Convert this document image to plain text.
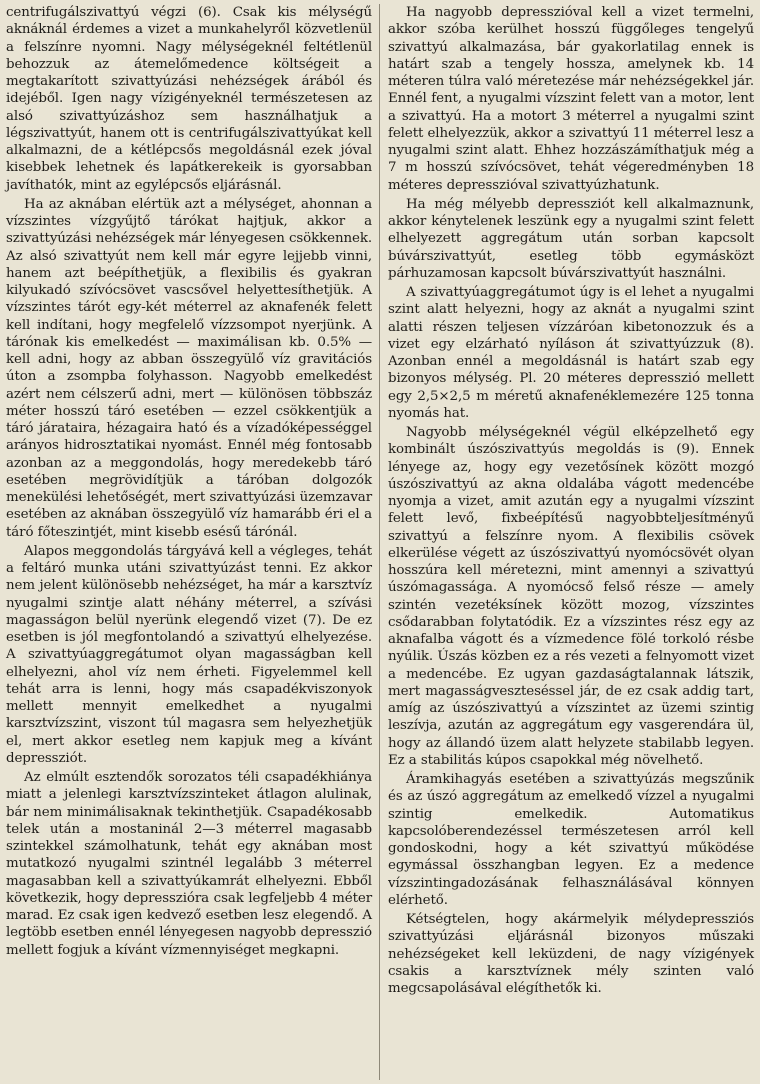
centrifugálszivattyú végzi (6). Csak kis mélységű aknáknál érdemes a vizet a munkahelyről közvetlenül a felszínre nyomni. Nagy mélységeknél feltétlenül behozzuk az átemelőmedence költségeit a megtakarított szivattyúzási nehézségek árából és idejéből. Igen nagy vízigényeknél természetesen az alsó szivattyúzáshoz sem használhatjuk a légszivattyút, hanem ott is centrifugálszivattyúkat kell alkalmazni, de a kétlépcsős megoldásnál ezek jóval kisebbek lehetnek és lapátkerekeik is gyorsabban javíthatók, mint az egylépcsős eljárásnál.

Ha az aknában elértük azt a mélységet, ahonnan a vízszintes vízgyűjtő tárókat hajtjuk, akkor a szivattyúzási nehézségek már lényegesen csökkennek. Az alsó szivattyút nem kell már egyre lejjebb vinni, hanem azt beépíthetjük, a flexibilis és gyakran kilyukadó szívócsövet vascsővel helyettesíthetjük. A vízszintes tárót egy-két méterrel az aknafenék felett kell indítani, hogy megfelelő vízzsompot nyerjünk. A tárónak kis emelkedést — maximálisan kb. 0.5% — kell adni, hogy az abban összegyülő víz gravitációs úton a zsompba folyhasson. Nagyobb emelkedést azért nem célszerű adni, mert — különösen többszáz méter hosszú táró esetében — ezzel csökkentjük a táró járataira, hézagaira ható és a vízadóképességgel arányos hidrosztatikai nyomást. Ennél még fontosabb azonban az a meggondolás, hogy meredekebb táró esetében megrövidítjük a táróban dolgozók menekülési lehetőségét, mert szivattyúzási üzemzavar esetében az aknában összegyülő víz hamarább éri el a táró főteszintjét, mint kisebb esésű tárónál.

Alapos meggondolás tárgyává kell a végleges, tehát a feltáró munka utáni szivattyúzást tenni. Ez akkor nem jelent különösebb nehézséget, ha már a karsztvíz nyugalmi szintje alatt néhány méterrel, a szívási magasságon belül nyerünk elegendő vizet (7). De ez esetben is jól megfontolandó a szivattyú elhelyezése. A szivattyúaggregátumot olyan magasságban kell elhelyezni, ahol víz nem érheti. Figyelemmel kell tehát arra is lenni, hogy más csapadékviszonyok mellett mennyit emelkedhet a nyugalmi karsztvízszint, viszont túl magasra sem helyezhetjük el, mert akkor esetleg nem kapjuk meg a kívánt depressziót.

Az elmúlt esztendők sorozatos téli csapadékhiánya miatt a jelenlegi karsztvízszinteket átlagon alulinak, bár nem minimálisaknak tekinthetjük. Csapadékosabb telek után a mostaninál 2—3 méterrel magasabb szintekkel számolhatunk, tehát egy aknában most mutatkozó nyugalmi szintnél legalább 3 méterrel magasabban kell a szivattyúkamrát elhelyezni. Ebből következik, hogy depresszióra csak legfeljebb 4 méter marad. Ez csak igen kedvező esetben lesz elegendő. A legtöbb esetben ennél lényegesen nagyobb depresszió mellett fogjuk a kívánt vízmennyiséget megkapni.

Ha nagyobb depresszióval kell a vizet termelni, akkor szóba kerülhet hosszú függőleges tengelyű szivattyú alkalmazása, bár gyakorlatilag ennek is határt szab a tengely hossza, amelynek kb. 14 méteren túlra való méretezése már nehézségekkel jár. Ennél fent, a nyugalmi vízszint felett van a motor, lent a szivattyú. Ha a motort 3 méterrel a nyugalmi szint felett elhelyezzük, akkor a szivattyú 11 méterrel lesz a nyugalmi szint alatt. Ehhez hozzászámíthatjuk még a 7 m hosszú szívócsövet, tehát végeredményben 18 méteres depresszióval szivattyúzhatunk.

Ha még mélyebb depressziót kell alkalmaznunk, akkor kénytelenek leszünk egy a nyugalmi szint felett elhelyezett aggregátum után sorban kapcsolt búvárszivattyút, esetleg több egymásközt párhuzamosan kapcsolt búvárszivattyút használni.

A szivattyúaggregátumot úgy is el lehet a nyugalmi szint alatt helyezni, hogy az aknát a nyugalmi szint alatti részen teljesen vízzáróan kibetonozzuk és a vizet egy elzárható nyíláson át szivattyúzzuk (8). Azonban ennél a megoldásnál is határt szab egy bizonyos mélység. Pl. 20 méteres depresszió mellett egy 2,5×2,5 m méretű aknafenéklemezére 125 tonna nyomás hat.

Nagyobb mélységeknél végül elképzelhető egy kombinált úszószivattyús megoldás is (9). Ennek lényege az, hogy egy vezetősínek között mozgó úszószivattyú az akna oldalába vágott medencébe nyomja a vizet, amit azután egy a nyugalmi vízszint felett levő, fixbeépítésű nagyobbteljesítményű szivattyú a felszínre nyom. A flexibilis csövek elkerülése végett az úszószivattyú nyomócsövét olyan hosszúra kell méretezni, mint amennyi a szivattyú úszómagassága. A nyomócső felső része — amely szintén vezetéksínek között mozog, vízszintes csődarabban folytatódik. Ez a vízszintes rész egy az aknafalba vágott és a vízmedence fölé torkoló résbe nyúlik. Úszás közben ez a rés vezeti a felnyomott vizet a medencébe. Ez ugyan gazdaságtalannak látszik, mert magasságveszteséssel jár, de ez csak addig tart, amíg az úszószivattyú a vízszintet az üzemi szintig leszívja, azután az aggregátum egy vasgerendára ül, hogy az állandó üzem alatt helyzete stabilabb legyen. Ez a stabilitás kúpos csapokkal még növelhető.

Áramkihagyás esetében a szivattyúzás megszűnik és az úszó aggregátum az emelkedő vízzel a nyugalmi szintig emelkedik. Automatikus kapcsolóberendezéssel természetesen arról kell gondoskodni, hogy a két szivattyú működése egymással összhangban legyen. Ez a medence vízszintingadozásának felhasználásával könnyen elérhető.

Kétségtelen, hogy akármelyik mélydepressziós szivattyúzási eljárásnál bizonyos műszaki nehézségeket kell leküzdeni, de nagy vízigények csakis a karsztvíznek mély szinten való megcsapolásával elégíthetők ki.
